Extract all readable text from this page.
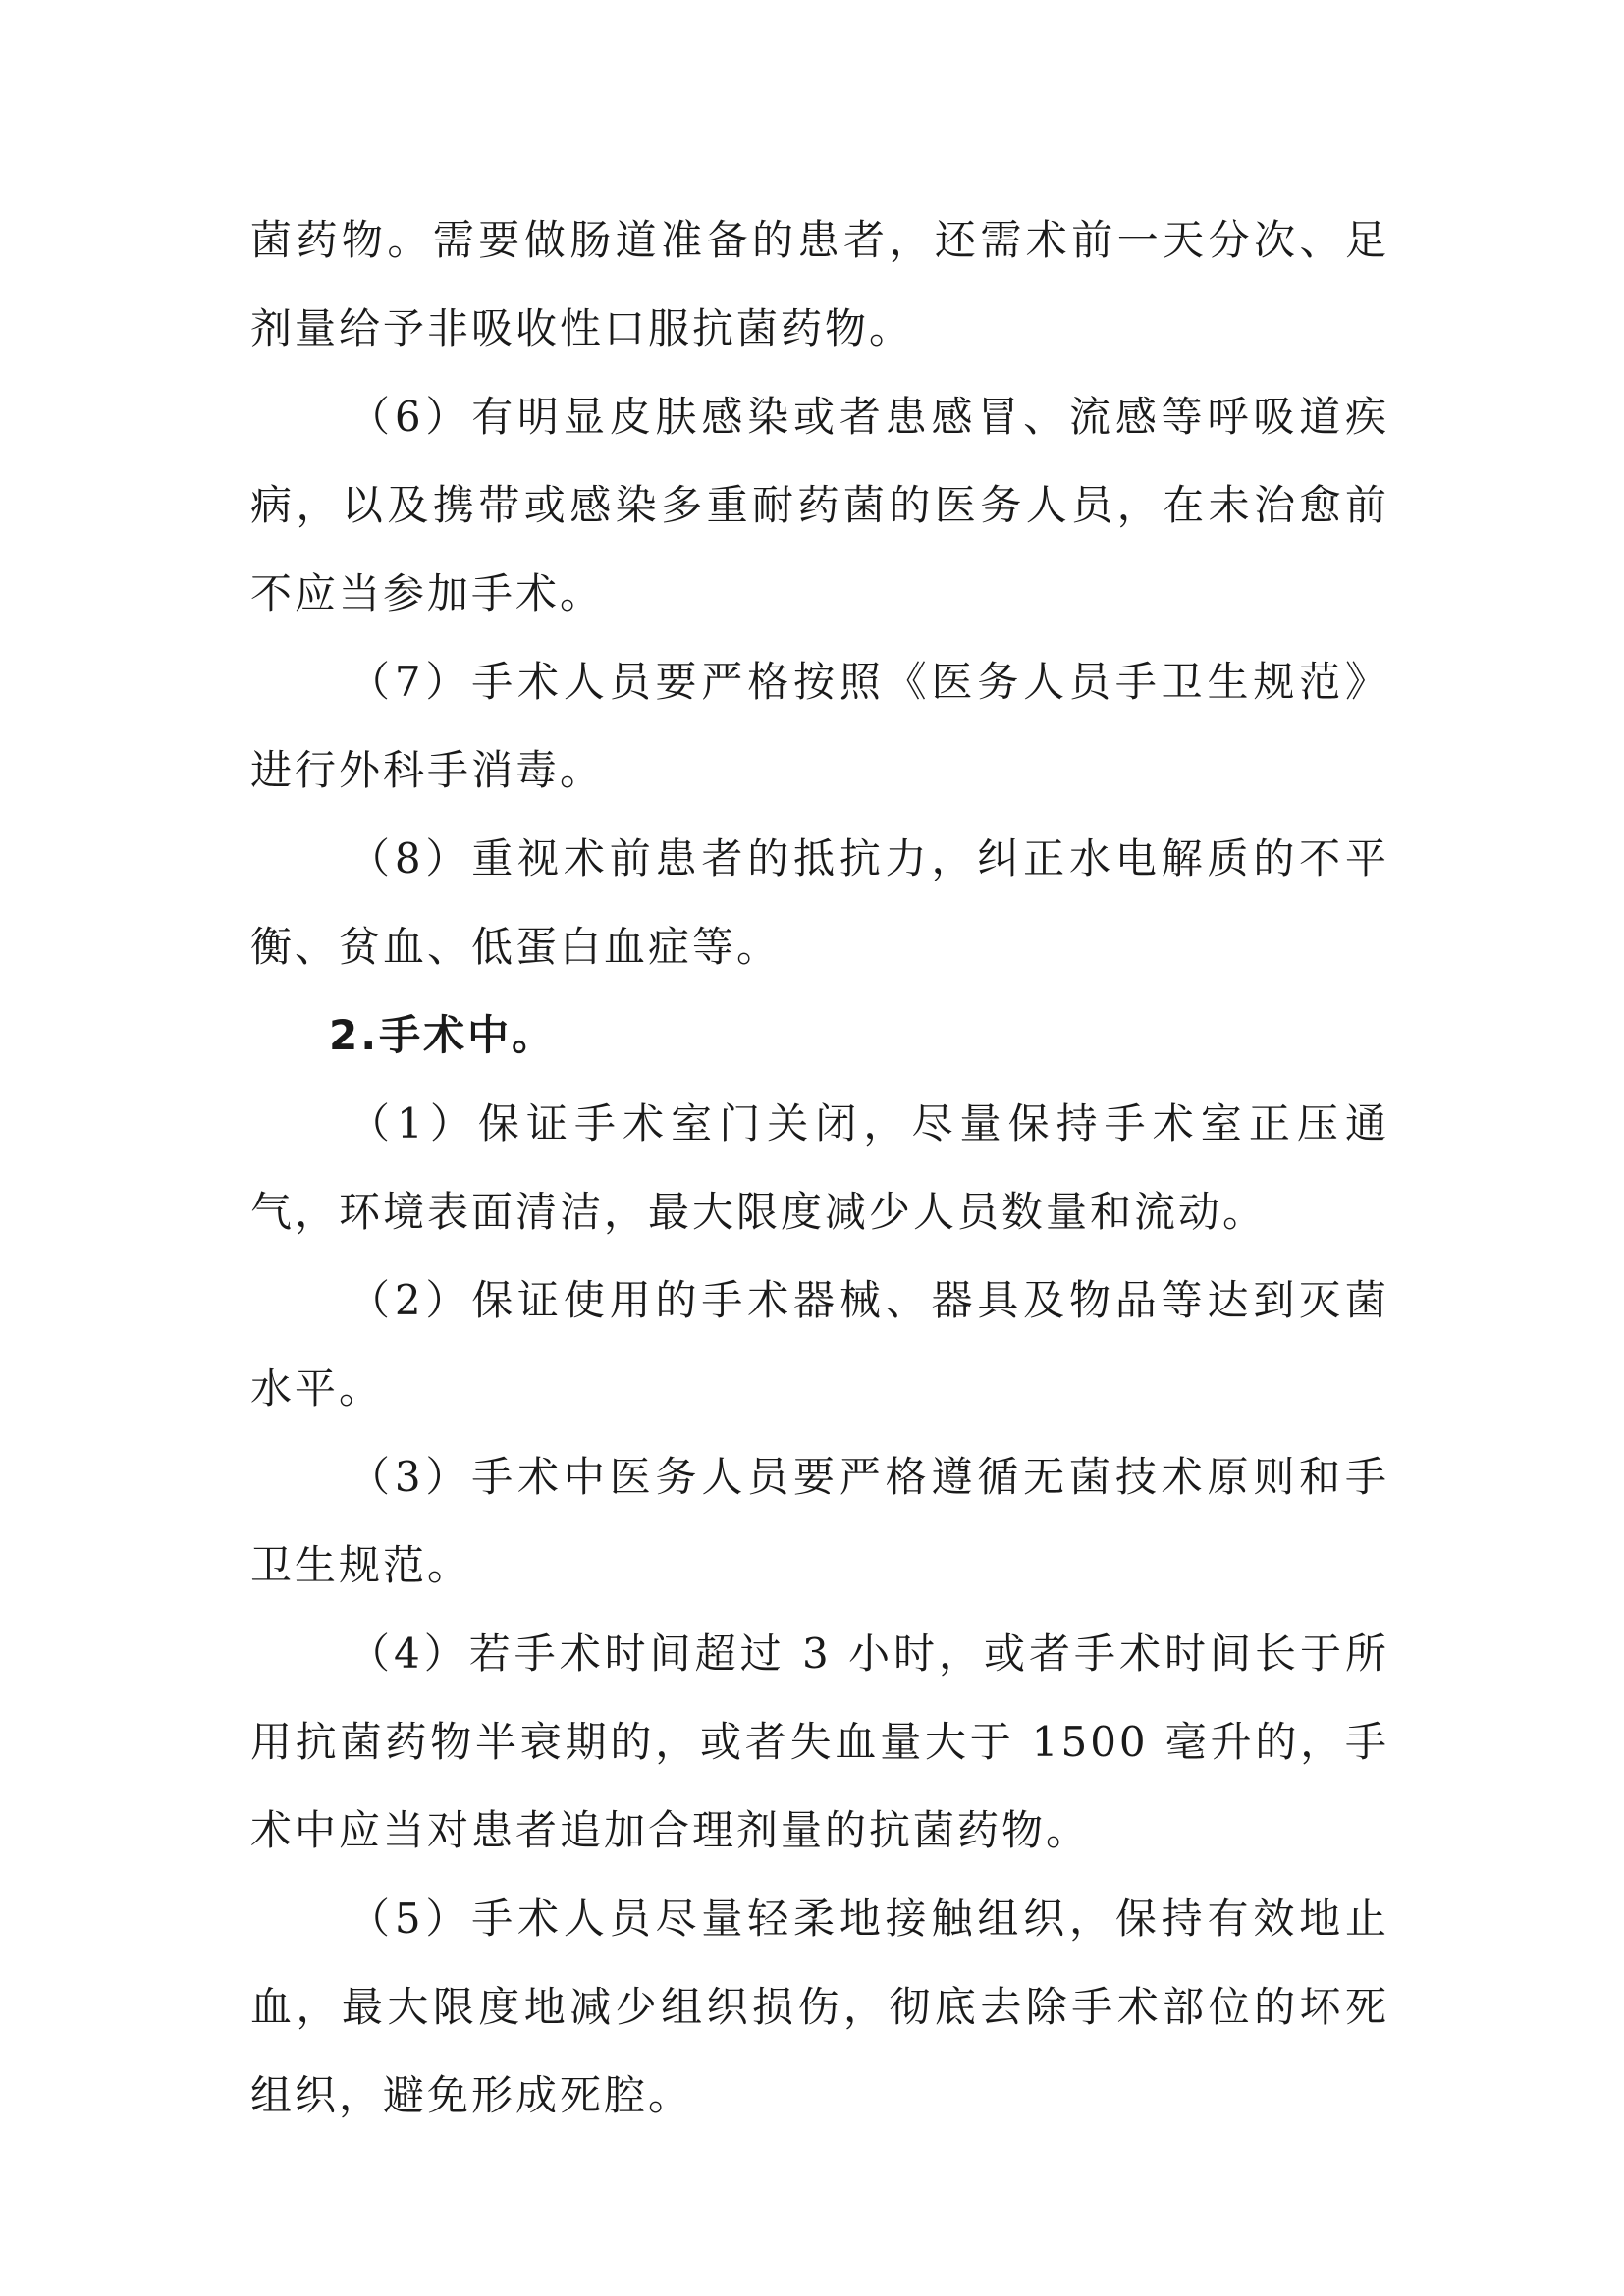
菌药物。需要做肠道准备的患者，还需术前一天分次、足剂量给予非吸收性口服抗菌药物。

（6）有明显皮肤感染或者患感冒、流感等呼吸道疾病，以及携带或感染多重耐药菌的医务人员，在未治愈前不应当参加手术。

（7）手术人员要严格按照《医务人员手卫生规范》进行外科手消毒。

（8）重视术前患者的抵抗力，纠正水电解质的不平衡、贫血、低蛋白血症等。

2.手术中。

（1）保证手术室门关闭，尽量保持手术室正压通气，环境表面清洁，最大限度减少人员数量和流动。

（2）保证使用的手术器械、器具及物品等达到灭菌水平。

（3）手术中医务人员要严格遵循无菌技术原则和手卫生规范。

（4）若手术时间超过 3 小时，或者手术时间长于所用抗菌药物半衰期的，或者失血量大于 1500 毫升的，手术中应当对患者追加合理剂量的抗菌药物。

（5）手术人员尽量轻柔地接触组织，保持有效地止血，最大限度地减少组织损伤，彻底去除手术部位的坏死组织，避免形成死腔。
